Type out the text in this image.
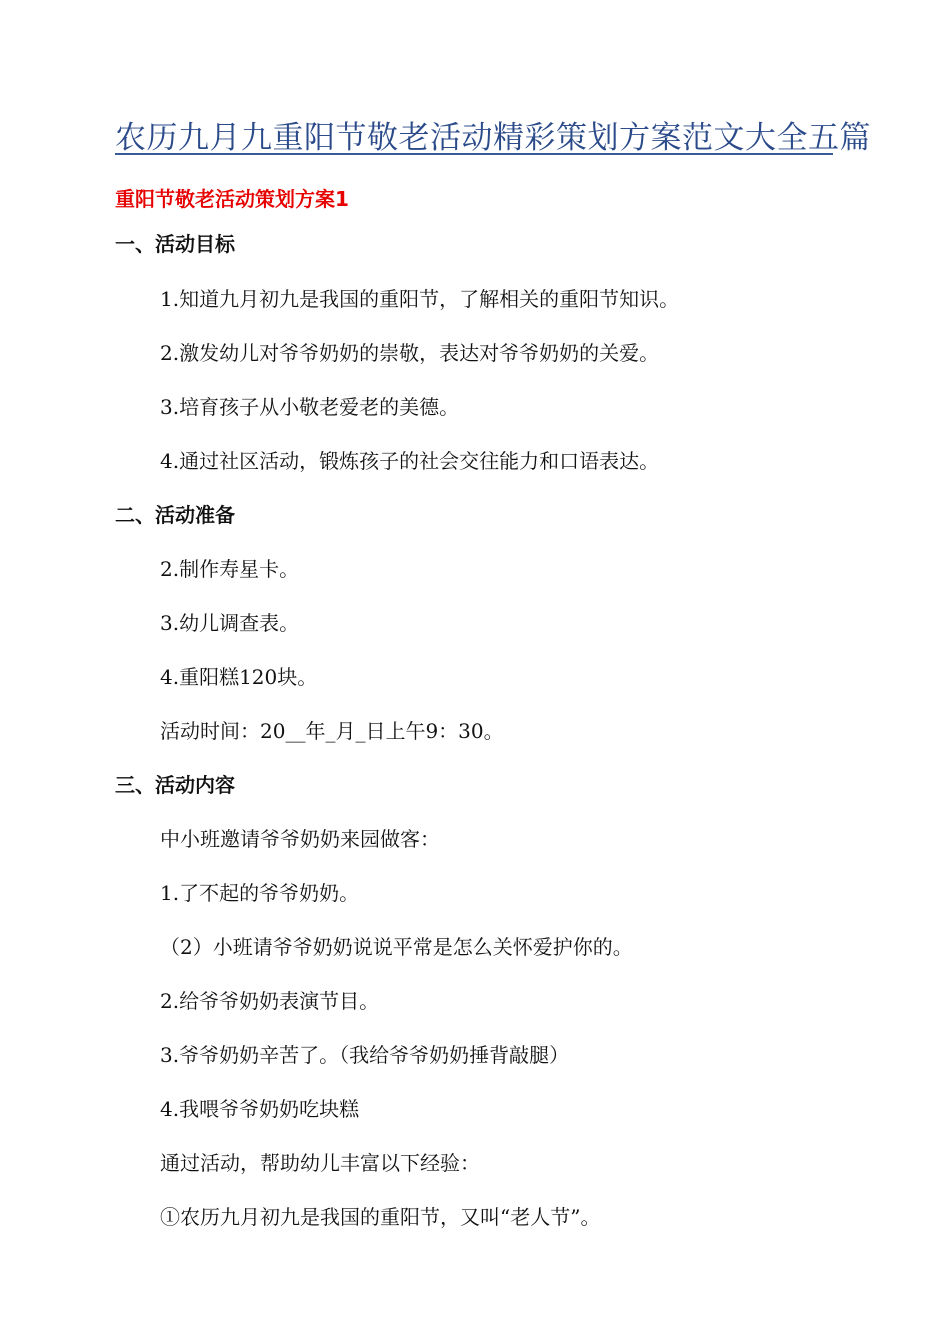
农历九月九重阳节敬老活动精彩策划方案范文大全五篇
重阳节敬老活动策划方案1
一、活动目标
1.知道九月初九是我国的重阳节，了解相关的重阳节知识。
2.激发幼儿对爷爷奶奶的崇敬，表达对爷爷奶奶的关爱。
3.培育孩子从小敬老爱老的美德。
4.通过社区活动，锻炼孩子的社会交往能力和口语表达。
二、活动准备
2.制作寿星卡。
3.幼儿调查表。
4.重阳糕120块。
活动时间：20__年_月_日上午9：30。
三、活动内容
中小班邀请爷爷奶奶来园做客：
1.了不起的爷爷奶奶。
（2）小班请爷爷奶奶说说平常是怎么关怀爱护你的。
2.给爷爷奶奶表演节目。
3.爷爷奶奶辛苦了。（我给爷爷奶奶捶背敲腿）
4.我喂爷爷奶奶吃块糕
通过活动，帮助幼儿丰富以下经验：
①农历九月初九是我国的重阳节，又叫“老人节”。
